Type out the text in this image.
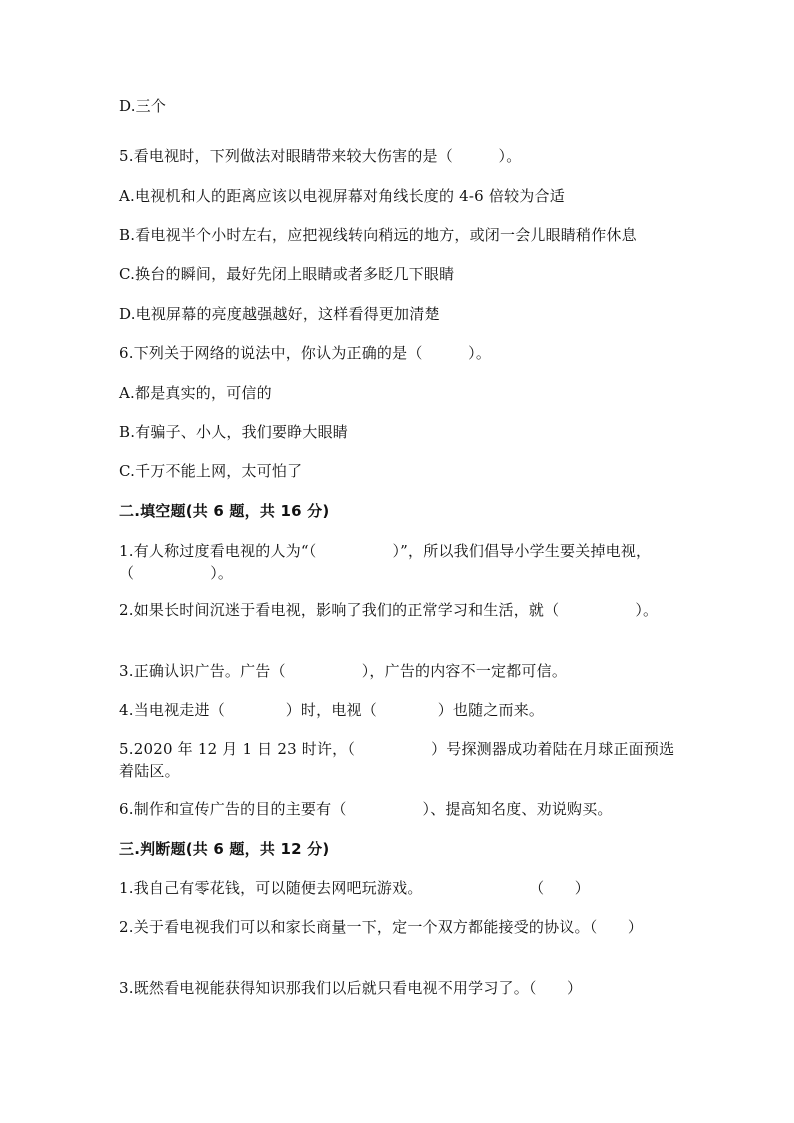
D.三个
5.看电视时，下列做法对眼睛带来较大伤害的是（　　　）。
A.电视机和人的距离应该以电视屏幕对角线长度的 4-6 倍较为合适
B.看电视半个小时左右，应把视线转向稍远的地方，或闭一会儿眼睛稍作休息
C.换台的瞬间，最好先闭上眼睛或者多眨几下眼睛
D.电视屏幕的亮度越强越好，这样看得更加清楚
6.下列关于网络的说法中，你认为正确的是（　　　）。
A.都是真实的，可信的
B.有骗子、小人，我们要睁大眼睛
C.千万不能上网，太可怕了
二.填空题(共 6 题，共 16 分)
1.有人称过度看电视的人为“（　　　　　）”，所以我们倡导小学生要关掉电视，（　　　　　）。
2.如果长时间沉迷于看电视，影响了我们的正常学习和生活，就（　　　　　）。
3.正确认识广告。广告（　　　　　），广告的内容不一定都可信。
4.当电视走进（　　　　）时，电视（　　　　）也随之而来。
5.2020 年 12 月 1 日 23 时许，（　　　　　）号探测器成功着陆在月球正面预选着陆区。
6.制作和宣传广告的目的主要有（　　　　　）、提高知名度、劝说购买。
三.判断题(共 6 题，共 12 分)
1.我自己有零花钱，可以随便去网吧玩游戏。　　　　　　　　（　　）
2.关于看电视我们可以和家长商量一下，定一个双方都能接受的协议。（　　）
3.既然看电视能获得知识那我们以后就只看电视不用学习了。（　　）
